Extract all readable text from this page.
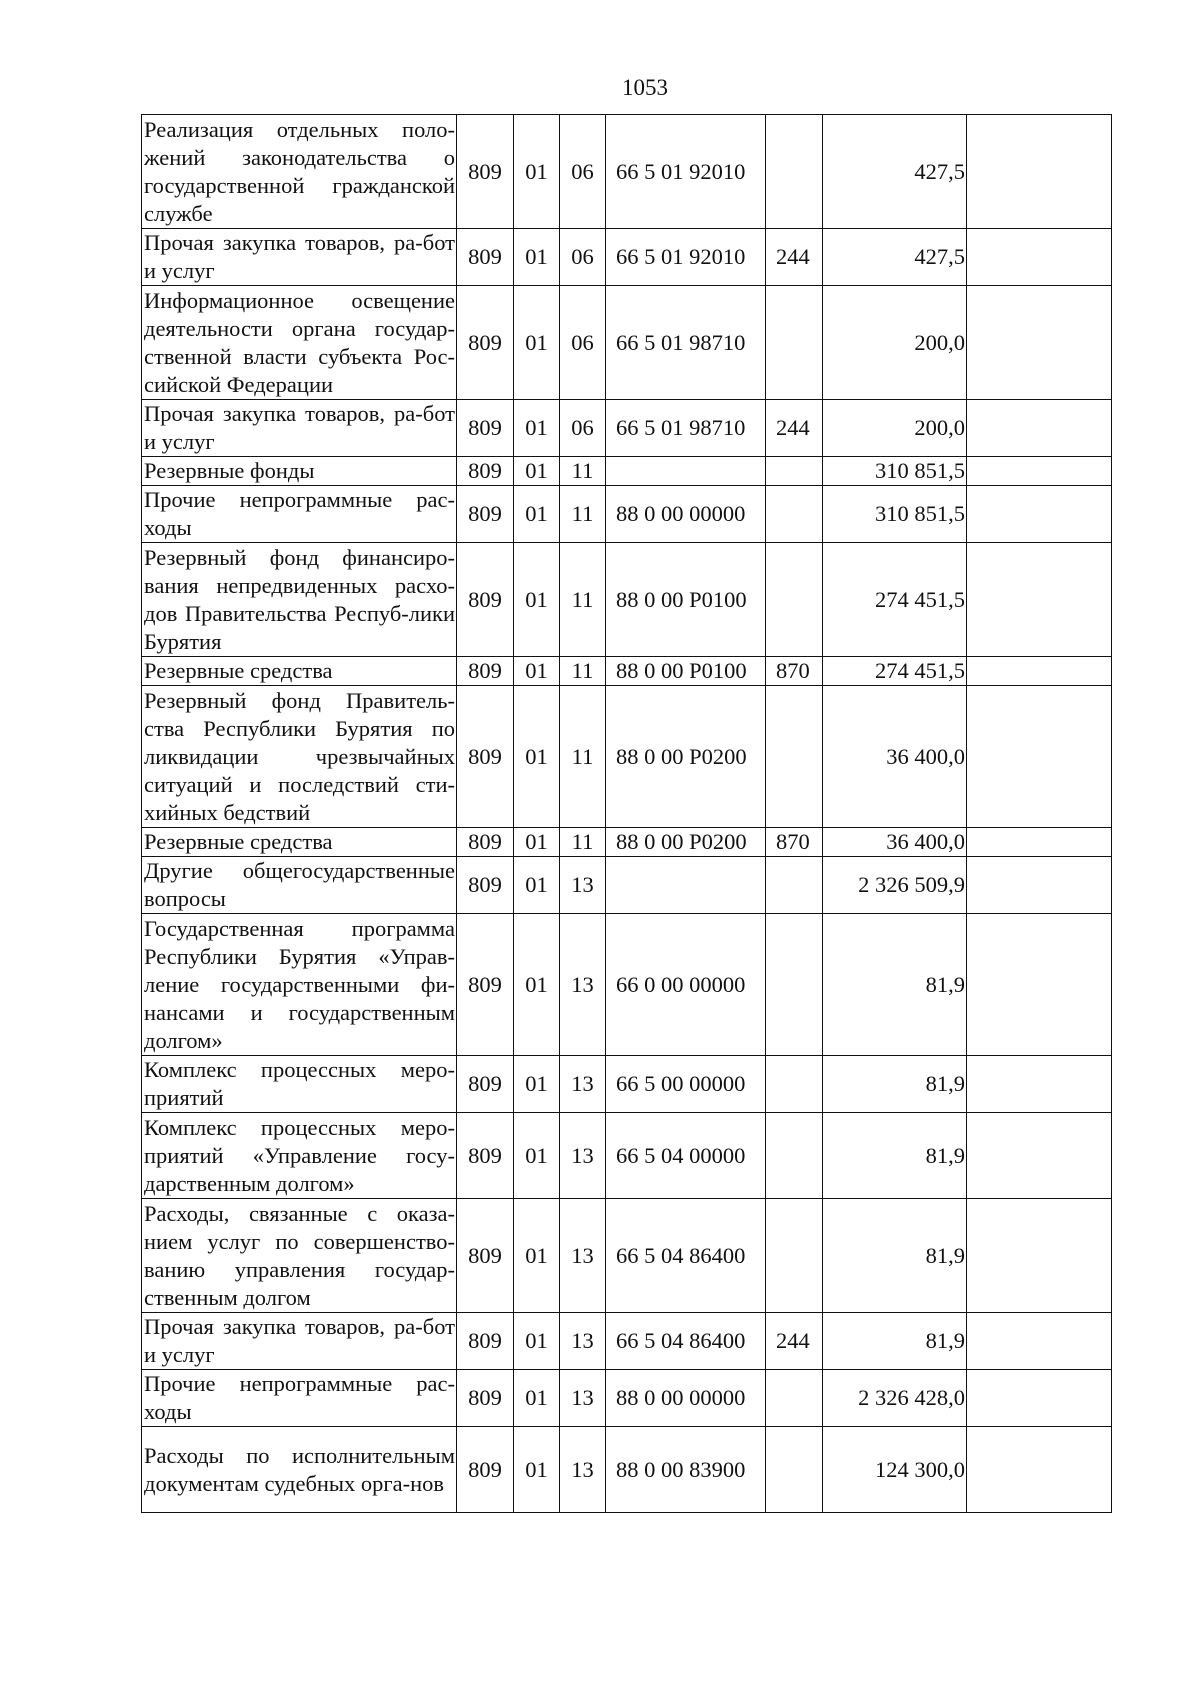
1053
Реализация отдельных поло-жений законодательства о государственной гражданской службе	809	01	06	66 5 01 92010		427,5	
Прочая закупка товаров, ра-бот и услуг	809	01	06	66 5 01 92010	244	427,5	
Информационное освещение деятельности органа государ-ственной власти субъекта Рос-сийской Федерации	809	01	06	66 5 01 98710		200,0	
Прочая закупка товаров, ра-бот и услуг	809	01	06	66 5 01 98710	244	200,0	
Резервные фонды	809	01	11			310 851,5	
Прочие непрограммные рас-ходы	809	01	11	88 0 00 00000		310 851,5	
Резервный фонд финансиро-вания непредвиденных расхо-дов Правительства Респуб-лики Бурятия	809	01	11	88 0 00 Р0100		274 451,5	
Резервные средства	809	01	11	88 0 00 Р0100	870	274 451,5	
Резервный фонд Правитель-ства Республики Бурятия по ликвидации чрезвычайных ситуаций и последствий сти-хийных бедствий	809	01	11	88 0 00 Р0200		36 400,0	
Резервные средства	809	01	11	88 0 00 Р0200	870	36 400,0	
Другие общегосударственные вопросы	809	01	13			2 326 509,9	
Государственная программа Республики Бурятия «Управ-ление государственными фи-нансами и государственным долгом»	809	01	13	66 0 00 00000		81,9	
Комплекс процессных меро-приятий	809	01	13	66 5 00 00000		81,9	
Комплекс процессных меро-приятий «Управление госу-дарственным долгом»	809	01	13	66 5 04 00000		81,9	
Расходы, связанные с оказа-нием услуг по совершенство-ванию управления государ-ственным долгом	809	01	13	66 5 04 86400		81,9	
Прочая закупка товаров, ра-бот и услуг	809	01	13	66 5 04 86400	244	81,9	
Прочие непрограммные рас-ходы	809	01	13	88 0 00 00000		2 326 428,0	
Расходы по исполнительным документам судебных орга-нов	809	01	13	88 0 00 83900		124 300,0	
